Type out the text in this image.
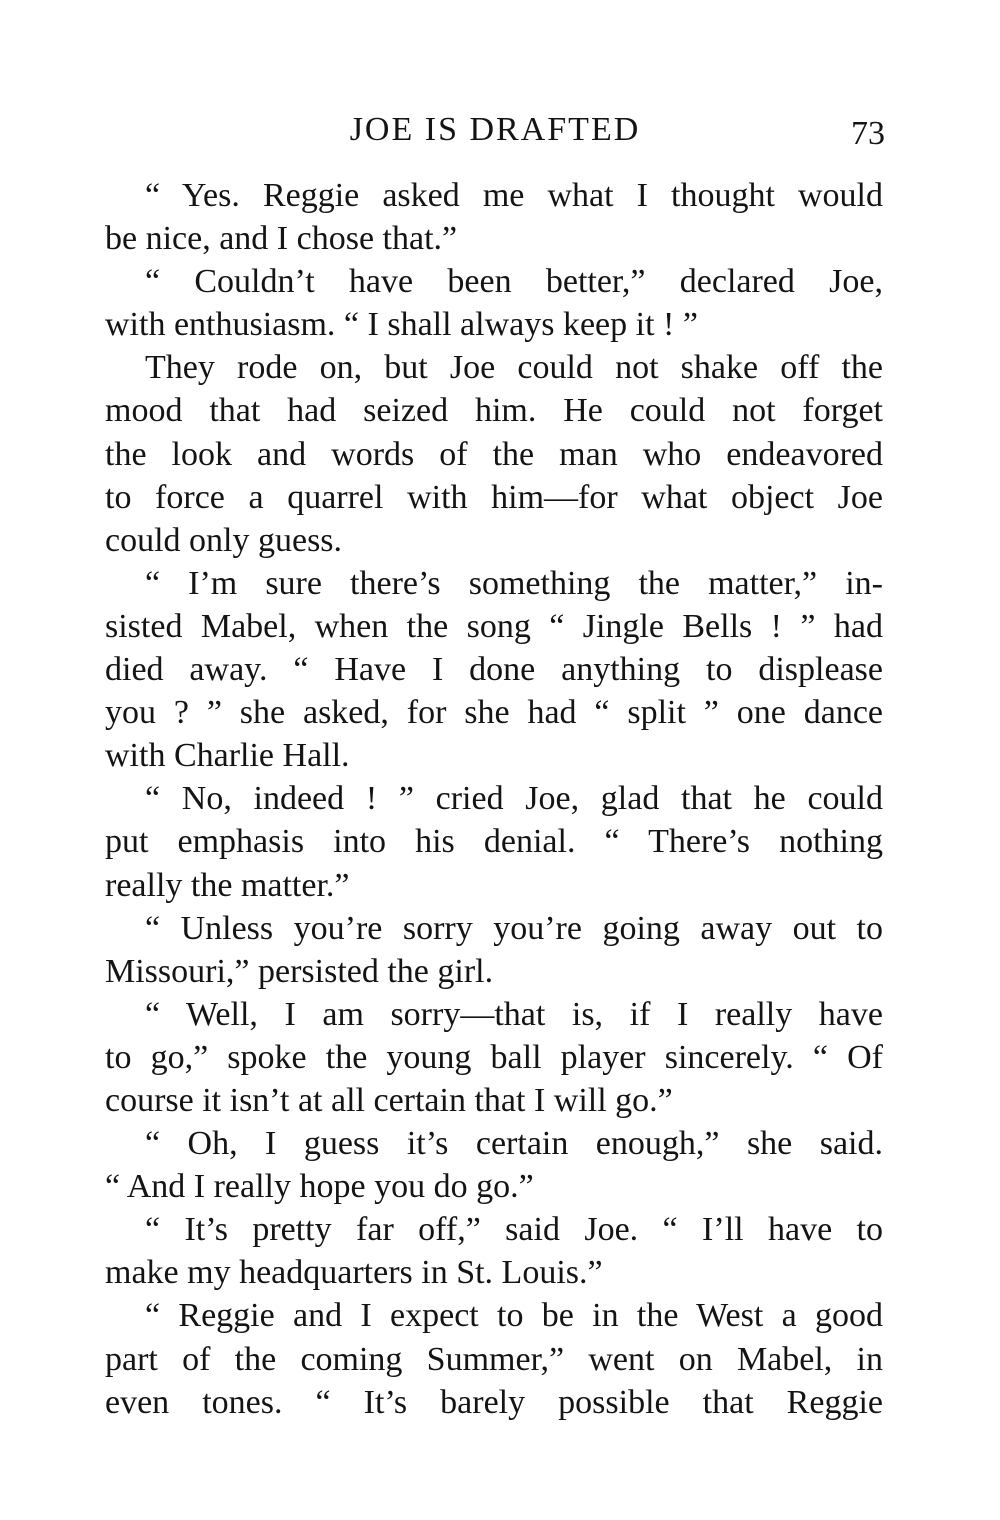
JOE IS DRAFTED	73
“ Yes. Reggie asked me what I thought would
be nice, and I chose that.”
“ Couldn’t have been better,” declared Joe,
with enthusiasm. “ I shall always keep it ! ”
They rode on, but Joe could not shake off the
mood that had seized him. He could not forget
the look and words of the man who endeavored
to force a quarrel with him—for what object Joe
could only guess.
“ I’m sure there’s something the matter,” in-
sisted Mabel, when the song “ Jingle Bells ! ” had
died away. “ Have I done anything to displease
you ? ” she asked, for she had “ split ” one dance
with Charlie Hall.
“ No, indeed ! ” cried Joe, glad that he could
put emphasis into his denial. “ There’s nothing
really the matter.”
“ Unless you’re sorry you’re going away out to
Missouri,” persisted the girl.
“ Well, I am sorry—that is, if I really have
to go,” spoke the young ball player sincerely. “ Of
course it isn’t at all certain that I will go.”
“ Oh, I guess it’s certain enough,” she said.
“ And I really hope you do go.”
“ It’s pretty far off,” said Joe. “ I’ll have to
make my headquarters in St. Louis.”
“ Reggie and I expect to be in the West a good
part of the coming Summer,” went on Mabel, in
even tones. “ It’s barely possible that Reggie
